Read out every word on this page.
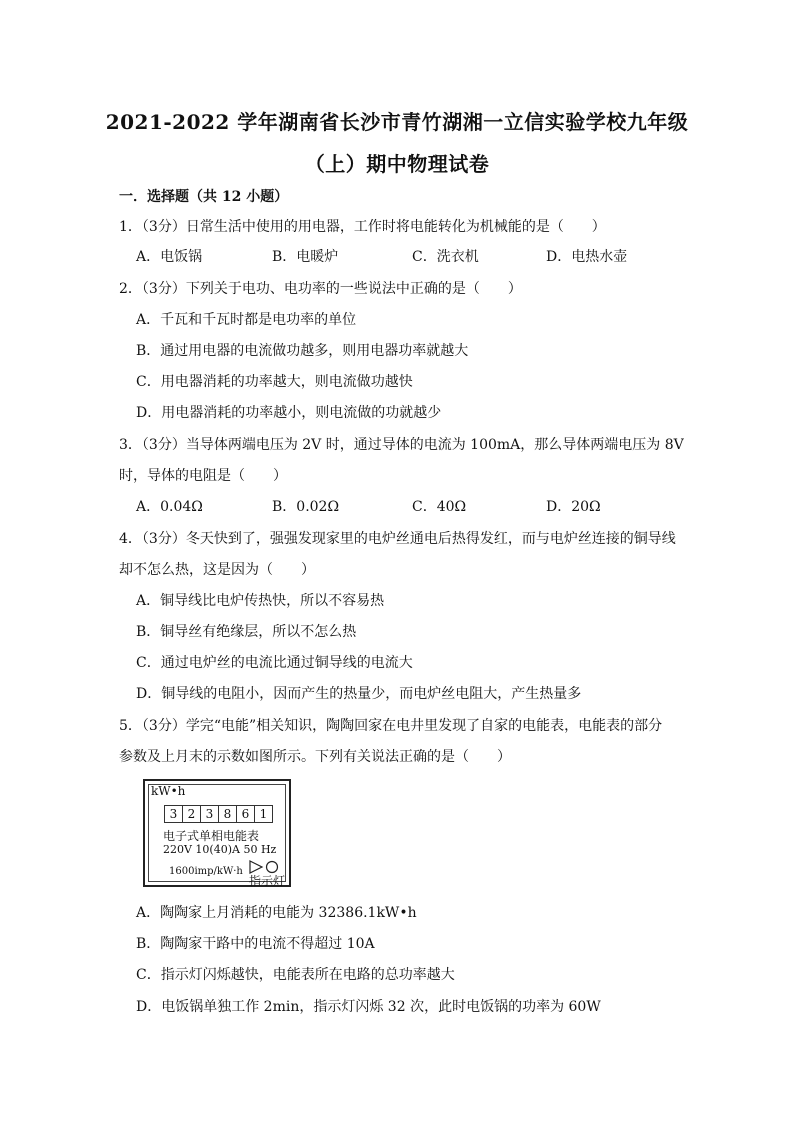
2021-2022 学年湖南省长沙市青竹湖湘一立信实验学校九年级
（上）期中物理试卷
一．选择题（共 12 小题）
1．（3分）日常生活中使用的用电器，工作时将电能转化为机械能的是（　　）
A．电饭锅	B．电暖炉	C．洗衣机	D．电热水壶
2．（3分）下列关于电功、电功率的一些说法中正确的是（　　）
A．千瓦和千瓦时都是电功率的单位
B．通过用电器的电流做功越多，则用电器功率就越大
C．用电器消耗的功率越大，则电流做功越快
D．用电器消耗的功率越小，则电流做的功就越少
3．（3分）当导体两端电压为 2V 时，通过导体的电流为 100mA，那么导体两端电压为 8V
时，导体的电阻是（　　）
A．0.04Ω	B．0.02Ω	C．40Ω	D．20Ω
4．（3分）冬天快到了，强强发现家里的电炉丝通电后热得发红，而与电炉丝连接的铜导线
却不怎么热，这是因为（　　）
A．铜导线比电炉传热快，所以不容易热
B．铜导丝有绝缘层，所以不怎么热
C．通过电炉丝的电流比通过铜导线的电流大
D．铜导线的电阻小，因而产生的热量少，而电炉丝电阻大，产生热量多
5．（3分）学完“电能”相关知识，陶陶回家在电井里发现了自家的电能表，电能表的部分
参数及上月末的示数如图所示。下列有关说法正确的是（　　）
kW•h
3 2 3 8 6 1
电子式单相电能表
220V 10(40)A 50 Hz
1600imp/kW·h
指示灯
A．陶陶家上月消耗的电能为 32386.1kW•h
B．陶陶家干路中的电流不得超过 10A
C．指示灯闪烁越快，电能表所在电路的总功率越大
D．电饭锅单独工作 2min，指示灯闪烁 32 次，此时电饭锅的功率为 60W
